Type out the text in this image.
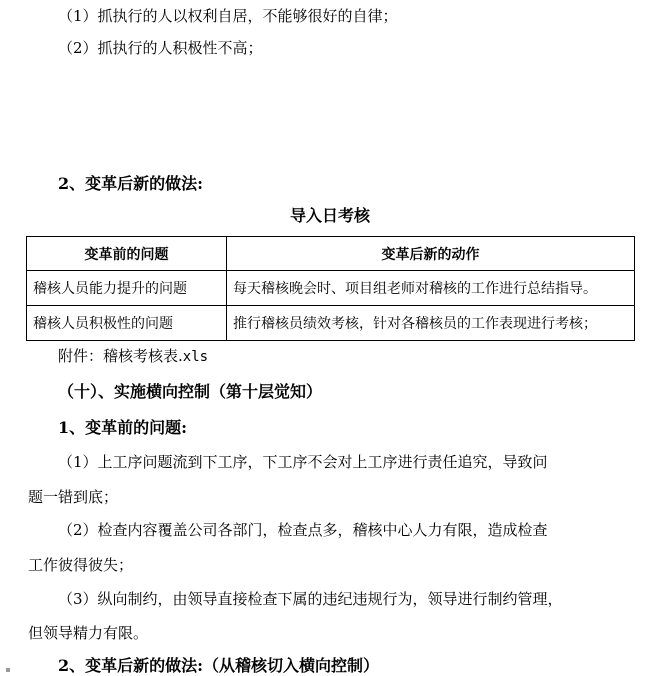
（1）抓执行的人以权利自居，不能够很好的自律；
（2）抓执行的人积极性不高；
2、变革后新的做法:
导入日考核
变革前的问题	变革后新的动作
稽核人员能力提升的问题	每天稽核晚会时、项目组老师对稽核的工作进行总结指导。
稽核人员积极性的问题	推行稽核员绩效考核，针对各稽核员的工作表现进行考核；
附件：稽核考核表.xls
（十）、实施横向控制（第十层觉知）
1、变革前的问题:
（1）上工序问题流到下工序，下工序不会对上工序进行责任追究，导致问
题一错到底；
（2）检查内容覆盖公司各部门，检查点多，稽核中心人力有限，造成检查
工作彼得彼失；
（3）纵向制约，由领导直接检查下属的违纪违规行为，领导进行制约管理，
但领导精力有限。
2、变革后新的做法:（从稽核切入横向控制）
